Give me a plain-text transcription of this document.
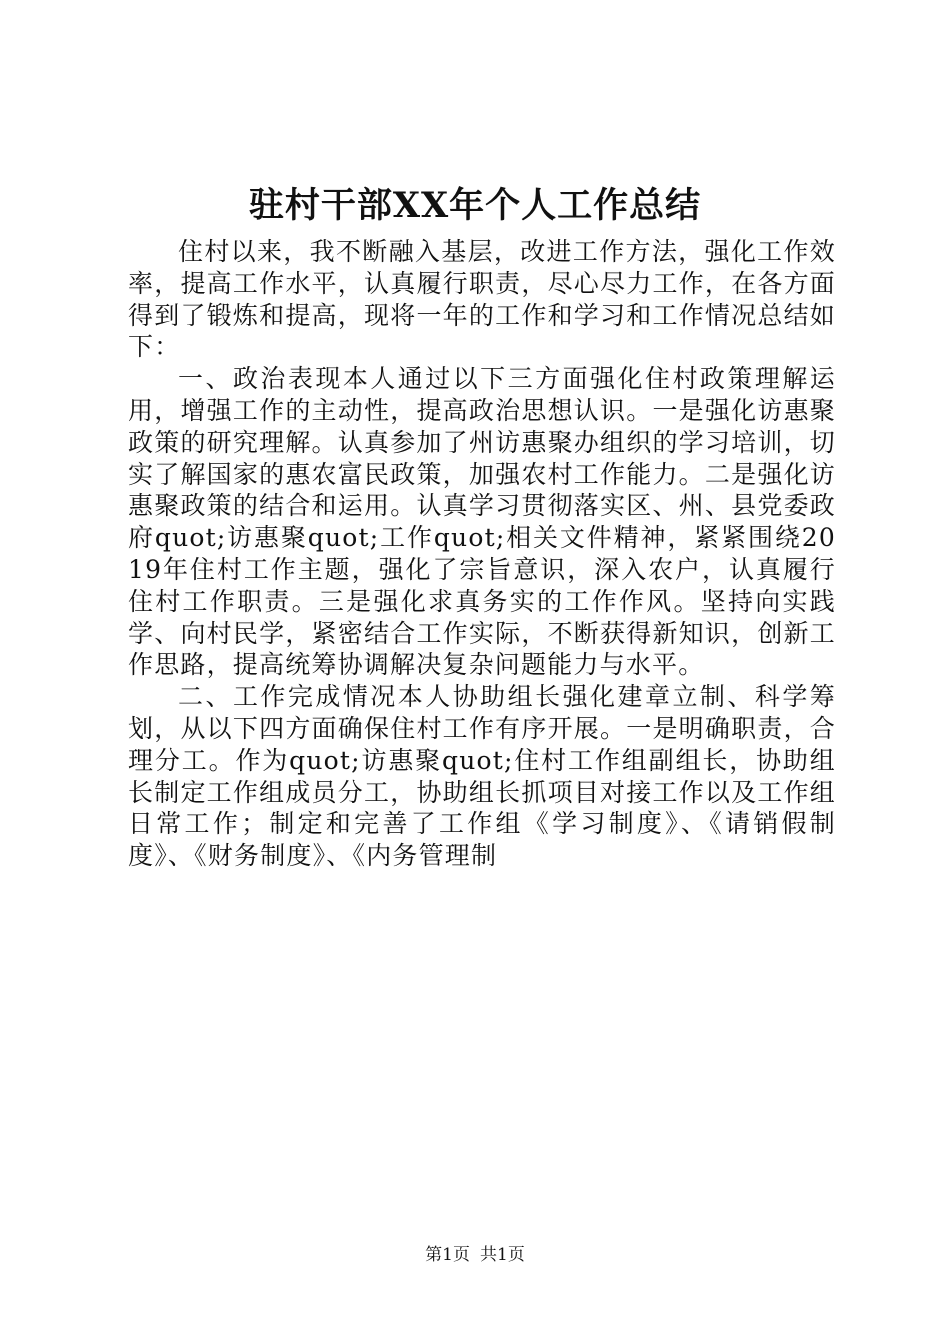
驻村干部XX年个人工作总结

住村以来，我不断融入基层，改进工作方法，强化工作效率，提高工作水平，认真履行职责，尽心尽力工作，在各方面得到了锻炼和提高，现将一年的工作和学习和工作情况总结如下：

一、政治表现本人通过以下三方面强化住村政策理解运用，增强工作的主动性，提高政治思想认识。一是强化访惠聚政策的研究理解。认真参加了州访惠聚办组织的学习培训，切实了解国家的惠农富民政策，加强农村工作能力。二是强化访惠聚政策的结合和运用。认真学习贯彻落实区、州、县党委政府quot;访惠聚quot;工作quot;相关文件精神，紧紧围绕2019年住村工作主题，强化了宗旨意识，深入农户，认真履行住村工作职责。三是强化求真务实的工作作风。坚持向实践学、向村民学，紧密结合工作实际，不断获得新知识，创新工作思路，提高统筹协调解决复杂问题能力与水平。

二、工作完成情况本人协助组长强化建章立制、科学筹划，从以下四方面确保住村工作有序开展。一是明确职责，合理分工。作为quot;访惠聚quot;住村工作组副组长，协助组长制定工作组成员分工，协助组长抓项目对接工作以及工作组日常工作；制定和完善了工作组《学习制度》、《请销假制度》、《财务制度》、《内务管理制

第1页 共1页
